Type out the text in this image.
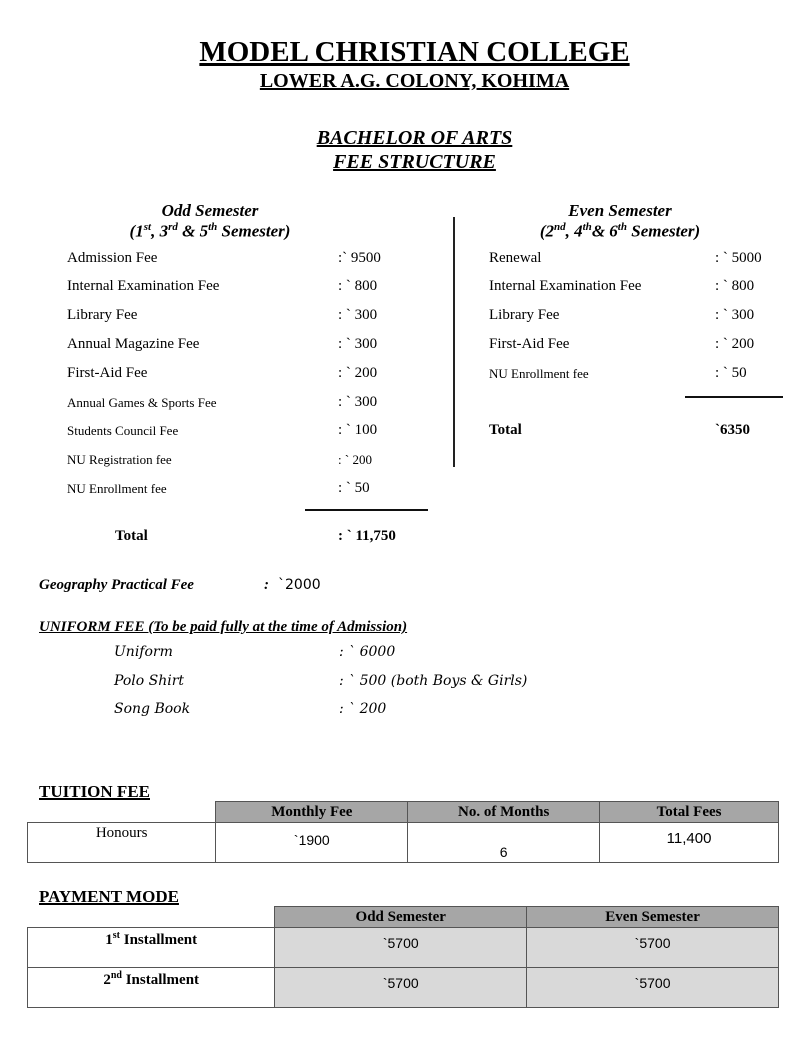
MODEL CHRISTIAN COLLEGE
LOWER A.G. COLONY, KOHIMA
BACHELOR OF ARTS
FEE STRUCTURE
Odd Semester
(1st, 3rd & 5th Semester)
Admission Fee	:` 9500
Internal Examination Fee	: ` 800
Library Fee	: ` 300
Annual Magazine Fee	: ` 300
First-Aid Fee	: ` 200
Annual Games & Sports Fee	: ` 300
Students Council Fee	: ` 100
NU Registration fee	: ` 200
NU Enrollment fee	: ` 50
Total	: ` 11,750
Even Semester
(2nd, 4th& 6th Semester)
Renewal	: ` 5000
Internal Examination Fee	: ` 800
Library Fee	: ` 300
First-Aid Fee	: ` 200
NU Enrollment fee	: ` 50
Total	`6350
Geography Practical Fee	: `2000
UNIFORM FEE (To be paid fully at the time of Admission)
Uniform	: ` 6000
Polo Shirt	: ` 500 (both Boys & Girls)
Song Book	: ` 200
TUITION FEE
	Monthly Fee	No. of Months	Total Fees
Honours	`1900	6	11,400
PAYMENT MODE
	Odd Semester	Even Semester
1st Installment	`5700	`5700
2nd Installment	`5700	`5700
